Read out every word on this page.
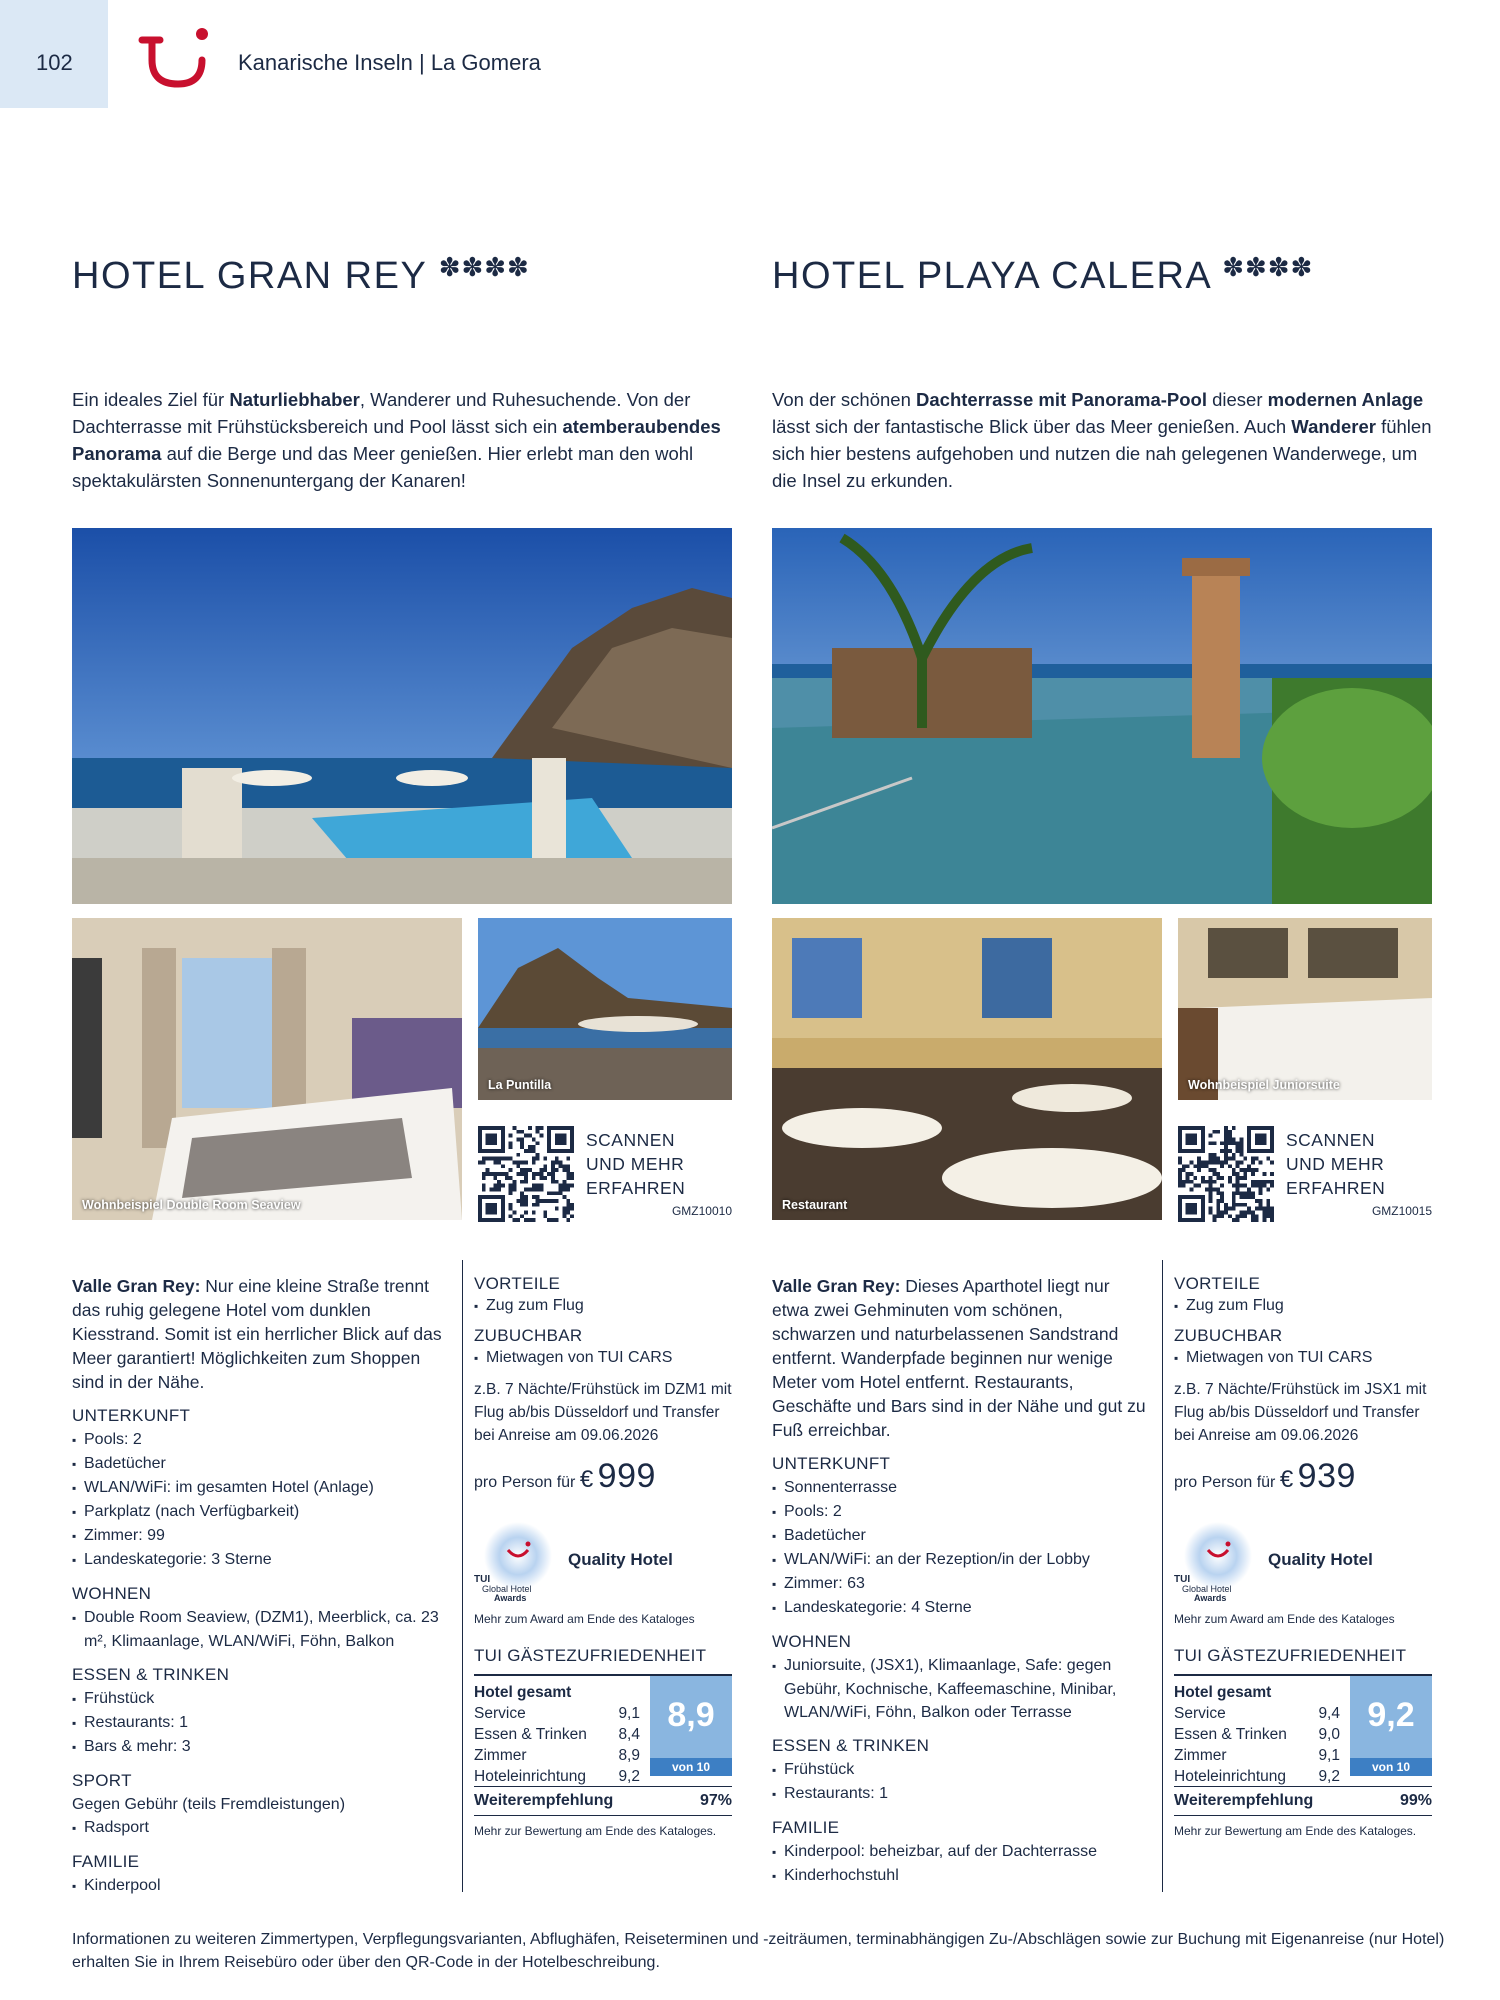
102	Kanarische Inseln | La Gomera
HOTEL GRAN REY ✽✽✽✽

Ein ideales Ziel für Naturliebhaber, Wanderer und Ruhesuchende. Von der Dachterrasse mit Frühstücksbereich und Pool lässt sich ein atemberaubendes Panorama auf die Berge und das Meer genießen. Hier erlebt man den wohl spektakulärsten Sonnenuntergang der Kanaren!

Wohnbeispiel Double Room Seaview
La Puntilla
SCANNEN
UND MEHR
ERFAHREN
GMZ10010

Valle Gran Rey: Nur eine kleine Straße trennt das ruhig gelegene Hotel vom dunklen Kiesstrand. Somit ist ein herrlicher Blick auf das Meer garantiert! Möglichkeiten zum Shoppen sind in der Nähe.

UNTERKUNFT
▪ Pools: 2
▪ Badetücher
▪ WLAN/WiFi: im gesamten Hotel (Anlage)
▪ Parkplatz (nach Verfügbarkeit)
▪ Zimmer: 99
▪ Landeskategorie: 3 Sterne
WOHNEN
▪ Double Room Seaview, (DZM1), Meerblick, ca. 23 m², Klimaanlage, WLAN/WiFi, Föhn, Balkon
ESSEN & TRINKEN
▪ Frühstück
▪ Restaurants: 1
▪ Bars & mehr: 3
SPORT
Gegen Gebühr (teils Fremdleistungen)
▪ Radsport
FAMILIE
▪ Kinderpool
VORTEILE
▪ Zug zum Flug
ZUBUCHBAR
▪ Mietwagen von TUI CARS
z.B. 7 Nächte/Frühstück im DZM1 mit Flug ab/bis Düsseldorf und Transfer bei Anreise am 09.06.2026
pro Person für € 999
TUI
Global Hotel
Awards
Quality Hotel
Mehr zum Award am Ende des Kataloges
TUI GÄSTEZUFRIEDENHEIT
Hotel gesamt
Service	9,1
Essen & Trinken 8,4
Zimmer	8,9
Hoteleinrichtung 9,2
8,9
von 10
Weiterempfehlung	97%
Mehr zur Bewertung am Ende des Kataloges.
HOTEL PLAYA CALERA ✽✽✽✽

Von der schönen Dachterrasse mit Panorama-Pool dieser modernen Anlage lässt sich der fantastische Blick über das Meer genießen. Auch Wanderer fühlen sich hier bestens aufgehoben und nutzen die nah gelegenen Wanderwege, um die Insel zu erkunden.

Restaurant
Wohnbeispiel Juniorsuite
SCANNEN
UND MEHR
ERFAHREN
GMZ10015

Valle Gran Rey: Dieses Aparthotel liegt nur etwa zwei Gehminuten vom schönen, schwarzen und naturbelassenen Sandstrand entfernt. Wanderpfade beginnen nur wenige Meter vom Hotel entfernt. Restaurants, Geschäfte und Bars sind in der Nähe und gut zu Fuß erreichbar.

UNTERKUNFT
▪ Sonnenterrasse
▪ Pools: 2
▪ Badetücher
▪ WLAN/WiFi: an der Rezeption/in der Lobby
▪ Zimmer: 63
▪ Landeskategorie: 4 Sterne
WOHNEN
▪ Juniorsuite, (JSX1), Klimaanlage, Safe: gegen Gebühr, Kochnische, Kaffeemaschine, Minibar, WLAN/WiFi, Föhn, Balkon oder Terrasse
ESSEN & TRINKEN
▪ Frühstück
▪ Restaurants: 1
FAMILIE
▪ Kinderpool: beheizbar, auf der Dachterrasse
▪ Kinderhochstuhl
VORTEILE
▪ Zug zum Flug
ZUBUCHBAR
▪ Mietwagen von TUI CARS
z.B. 7 Nächte/Frühstück im JSX1 mit Flug ab/bis Düsseldorf und Transfer bei Anreise am 09.06.2026
pro Person für € 939
TUI
Global Hotel
Awards
Quality Hotel
Mehr zum Award am Ende des Kataloges
TUI GÄSTEZUFRIEDENHEIT
Hotel gesamt
Service	9,4
Essen & Trinken 9,0
Zimmer	9,1
Hoteleinrichtung 9,2
9,2
von 10
Weiterempfehlung	99%
Mehr zur Bewertung am Ende des Kataloges.

Informationen zu weiteren Zimmertypen, Verpflegungsvarianten, Abflughäfen, Reiseterminen und -zeiträumen, terminabhängigen Zu-/Abschlägen sowie zur Buchung mit Eigenanreise (nur Hotel) erhalten Sie in Ihrem Reisebüro oder über den QR-Code in der Hotelbeschreibung.
